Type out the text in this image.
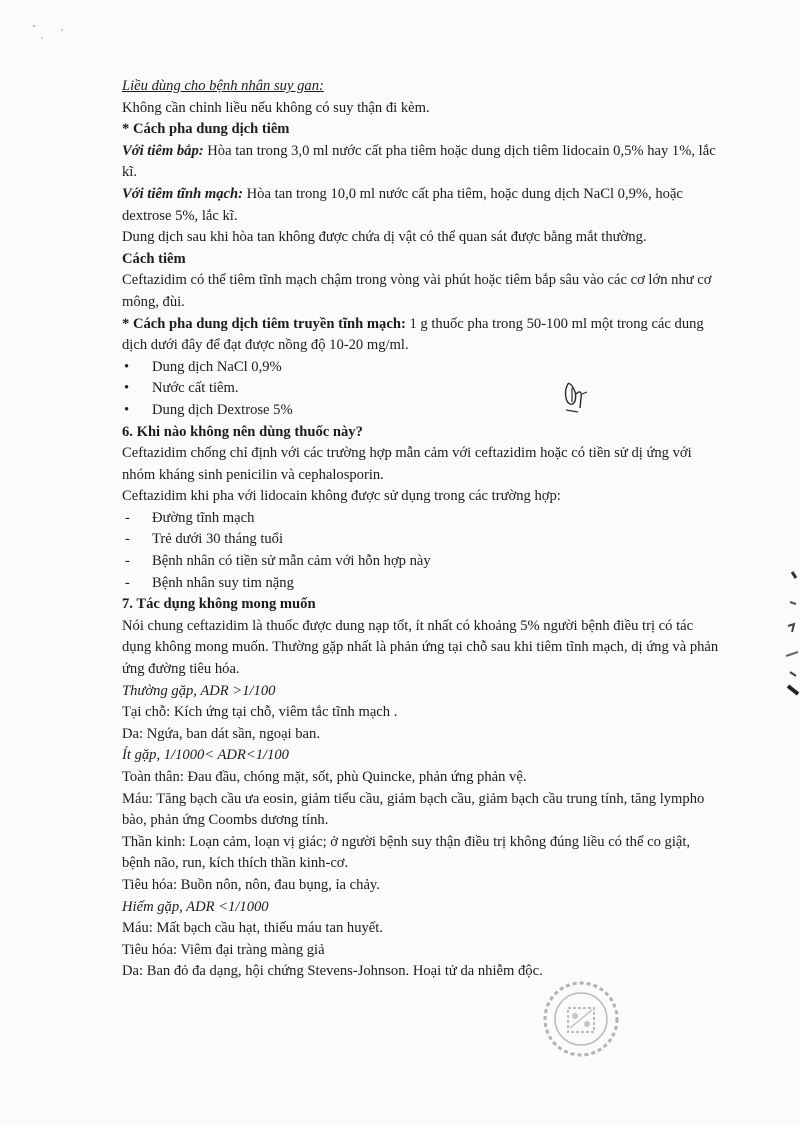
Liều dùng cho bệnh nhân suy gan:

Không cần chỉnh liều nếu không có suy thận đi kèm.

* Cách pha dung dịch tiêm

Với tiêm bắp: Hòa tan trong 3,0 ml nước cất pha tiêm hoặc dung dịch tiêm lidocain 0,5% hay 1%, lắc kĩ.

Với tiêm tĩnh mạch: Hòa tan trong 10,0 ml nước cất pha tiêm, hoặc dung dịch NaCl 0,9%, hoặc dextrose 5%, lắc kĩ.

Dung dịch sau khi hòa tan không được chứa dị vật có thể quan sát được bằng mắt thường.

Cách tiêm

Ceftazidim có thể tiêm tĩnh mạch chậm trong vòng vài phút hoặc tiêm bắp sâu vào các cơ lớn như cơ mông, đùi.

* Cách pha dung dịch tiêm truyền tĩnh mạch: 1 g thuốc pha trong 50-100 ml một trong các dung dịch dưới đây để đạt được nồng độ 10-20 mg/ml.

• Dung dịch NaCl 0,9%
• Nước cất tiêm.
• Dung dịch Dextrose 5%

6. Khi nào không nên dùng thuốc này?

Ceftazidim chống chỉ định với các trường hợp mẫn cảm với ceftazidim hoặc có tiền sử dị ứng với nhóm kháng sinh penicilin và cephalosporin.

Ceftazidim khi pha với lidocain không được sử dụng trong các trường hợp:

- Đường tĩnh mạch
- Trẻ dưới 30 tháng tuổi
- Bệnh nhân có tiền sử mẫn cảm với hỗn hợp này
- Bệnh nhân suy tim nặng

7. Tác dụng không mong muốn

Nói chung ceftazidim là thuốc được dung nạp tốt, ít nhất có khoảng 5% người bệnh điều trị có tác dụng không mong muốn. Thường gặp nhất là phản ứng tại chỗ sau khi tiêm tĩnh mạch, dị ứng và phản ứng đường tiêu hóa.

Thường gặp, ADR >1/100

Tại chỗ: Kích ứng tại chỗ, viêm tắc tĩnh mạch .

Da: Ngứa, ban dát sần, ngoại ban.

Ít gặp, 1/1000< ADR<1/100

Toàn thân: Đau đầu, chóng mặt, sốt, phù Quincke, phản ứng phản vệ.

Máu: Tăng bạch cầu ưa eosin, giảm tiểu cầu, giảm bạch cầu, giảm bạch cầu trung tính, tăng lympho bào, phản ứng Coombs dương tính.

Thần kinh: Loạn cảm, loạn vị giác; ở người bệnh suy thận điều trị không đúng liều có thể co giật, bệnh não, run, kích thích thần kinh-cơ.

Tiêu hóa: Buồn nôn, nôn, đau bụng, ỉa chảy.

Hiếm gặp, ADR <1/1000

Máu: Mất bạch cầu hạt, thiếu máu tan huyết.

Tiêu hóa: Viêm đại tràng màng giả

Da: Ban đỏ đa dạng, hội chứng Stevens-Johnson. Hoại tử da nhiễm độc.
